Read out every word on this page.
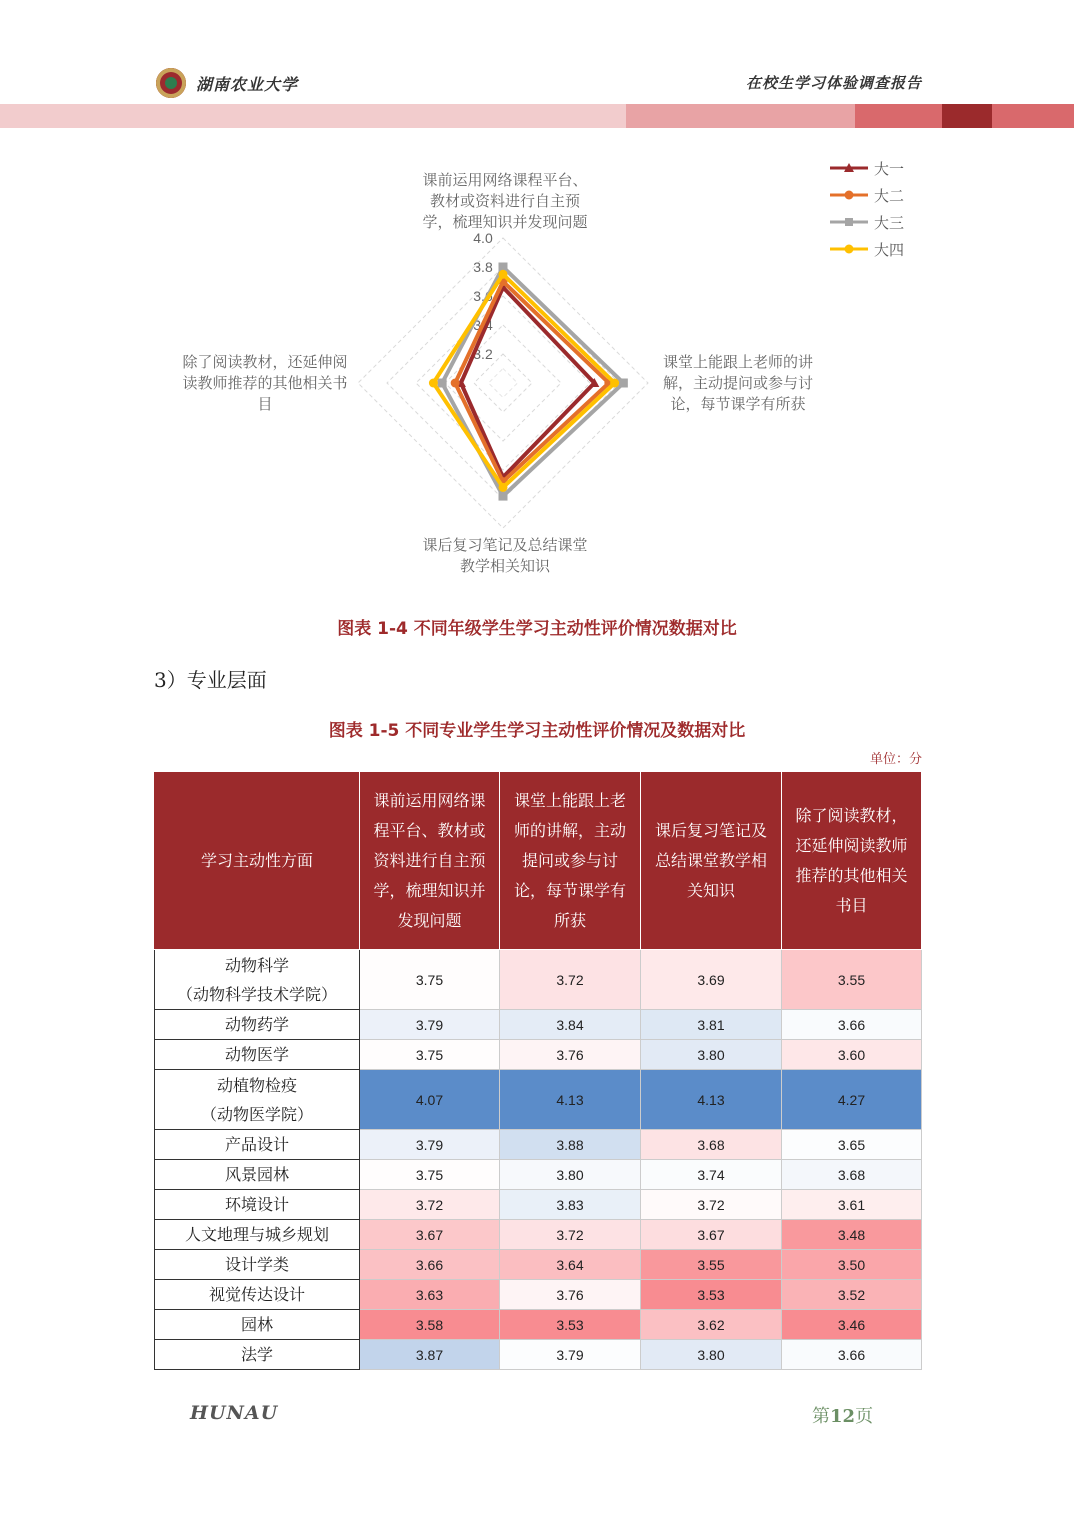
湖南农业大学	在校生学习体验调查报告
4.0
3.8
3.6
3.4
3.2
课前运用网络课程平台、
教材或资料进行自主预
学，梳理知识并发现问题
课堂上能跟上老师的讲
解，主动提问或参与讨
论，每节课学有所获
课后复习笔记及总结课堂
教学相关知识
除了阅读教材，还延伸阅
读教师推荐的其他相关书
目
大一
大二
大三
大四
图表 1-4 不同年级学生学习主动性评价情况数据对比
3）专业层面
图表 1-5 不同专业学生学习主动性评价情况及数据对比
单位：分
学习主动性方面	课前运用网络课程平台、教材或资料进行自主预学，梳理知识并发现问题	课堂上能跟上老师的讲解，主动提问或参与讨论，每节课学有所获	课后复习笔记及总结课堂教学相关知识	除了阅读教材，还延伸阅读教师推荐的其他相关书目
动物科学
（动物科学技术学院）	3.75	3.72	3.69	3.55
动物药学	3.79	3.84	3.81	3.66
动物医学	3.75	3.76	3.80	3.60
动植物检疫
（动物医学院）	4.07	4.13	4.13	4.27
产品设计	3.79	3.88	3.68	3.65
风景园林	3.75	3.80	3.74	3.68
环境设计	3.72	3.83	3.72	3.61
人文地理与城乡规划	3.67	3.72	3.67	3.48
设计学类	3.66	3.64	3.55	3.50
视觉传达设计	3.63	3.76	3.53	3.52
园林	3.58	3.53	3.62	3.46
法学	3.87	3.79	3.80	3.66
HUNAU	第12页
